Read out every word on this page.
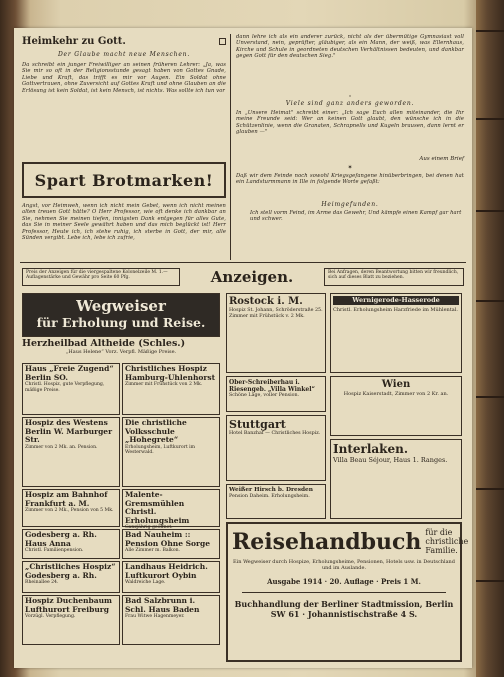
Heimkehr zu Gott.

Der Glaube macht neue Menschen.

Da schreibt ein junger Freiwilliger an seinen früheren Lehrer: „Ja, was Sie mir so oft in der Religionsstunde gesagt haben von Gottes Gnade, Liebe und Kraft, das trifft es mir vor Augen. Ein Soldat ohne Gottvertrauen, ohne Zuversicht auf Gottes Kraft und ohne Glauben an die Erlösung ist kein Soldat, ist kein Mensch, ist nichts. Was sollte ich tun vor

Spart Brotmarken!

Angst, vor Heimweh, wenn ich nicht mein Gebet, wenn ich nicht meinen alten treuen Gott hätte? O Herr Professor, wie oft denke ich dankbar an Sie, nehmen Sie meinen tiefen, innigsten Dank entgegen für alles Gute, das Sie in meiner Seele gewährt haben und das mich beglückt ist! Herr Professor, Heute ich, ich stehe ruhig, ich sterbe in Gott, der mir, alle Sünden vergibt. Lebe ich, lebe ich zufrie,

dann lehre ich als ein anderer zurück, nicht als der übermütige Gymnasiast voll Unverstand, nein, geprüfter, gläubiger, als ein Mann, der weiß, was Ellernhaus, Kirche und Schule in geordneten deutschen Verhältnissen bedeuten, und dankbar gegen Gott für den deutschen Sieg."

✶

Viele sind ganz anders geworden.

In „Unsere Heimat" schreibt einer: „Ich sage Euch allen miteinander, die Ihr meine Freunde seid: Wer an keinen Gott glaubt, den wünsche ich in die Schützenlinie, wenn die Granaten, Schrapnells und Kugeln brausen, dann lernt er glauben —"

Aus einem Brief

✶

Daß wir dem Feinde noch sowohl Kriegsgefangene hinüberbringen, bei denen hat ein Landsturmmann in Ille in folgende Worte gefaßt:

Heimgefunden.

Ich stell vorm Feind, im Arme das Gewehr, Und kämpfe einen Kampf gar hart und schwer.

Preis der Anzeigen für die viergespaltene Kolonelzeile M. 1.— Auflagenstärke und Gewähr pro Seite 60 Pfg.	Anzeigen.	Bei Anfragen, deren Beantwortung bitten wir freundlich, sich auf dieses Blatt zu beziehen.
Wegweiser
für Erholung und Reise.
Herzheilbad Altheide (Schles.)
„Haus Helene“ Vorz. Verpfl. Mäßige Preise.
Haus „Freie Zugend“ Berlin SO.
Christl. Hospiz, gute Verpflegung, mäßige Preise.
Hospiz des Westens Berlin W. Marburger Str.
Zimmer von 2 Mk. an. Pension.
Hospiz am Bahnhof Frankfurt a. M.
Zimmer von 2 Mk., Pension von 5 Mk.
Godesberg a. Rh. Haus Anna
Christl. Familienpension.
„Christliches Hospiz“ Godesberg a. Rh.
Rheinallee 24.
Hospiz Duchenbaum Lufthurort Freiburg
Vorzügl. Verpflegung.
Christliches Hospiz Hamburg-Uhlenhorst
Zimmer mit Frühstück von 2 Mk.
Die christliche Volksschule „Hohegrete“
Erholungsheim, Luftkurort im Westerwald.
Malente-Gremsmühlen Christl. Erholungsheim
Ganzjährig geöffnet.
Bad Nauheim :: Pension Ohne Sorge
Alle Zimmer m. Balkon.
Landhaus Heidrich. Luftkurort Oybin
Waldreiche Lage.
Bad Salzbrunn i. Schl. Haus Baden
Frau Witwe Hagenmeyer.
Rostock i. M.
Hospiz St. Johann, Schröderstraße 25. Zimmer mit Frühstück v. 2 Mk.
Wernigerode-Hasserode
Christl. Erholungsheim Harzfriede im Mühlental.
Ober-Schreiberhau i. Riesengeb. „Villa Winkel“
Schöne Lage, voller Pension.
Wien
Hospiz Kaiserstadt, Zimmer von 2 Kr. an.
Stuttgart
Hotel Banzhaf — Christliches Hospiz.
Interlaken.
Villa Beau Séjour, Haus 1. Ranges.
Weißer Hirsch b. Dresden
Pension Daheim. Erholungsheim.
Reisehandbuch für die christliche Familie.
Ein Wegweiser durch Hospize, Erholungsheime, Pensionen, Hotels usw. in Deutschland und im Auslande.
Ausgabe 1914 · 20. Auflage · Preis 1 M.
Buchhandlung der Berliner Stadtmission, Berlin SW 61 · Johannistischstraße 4 S.
